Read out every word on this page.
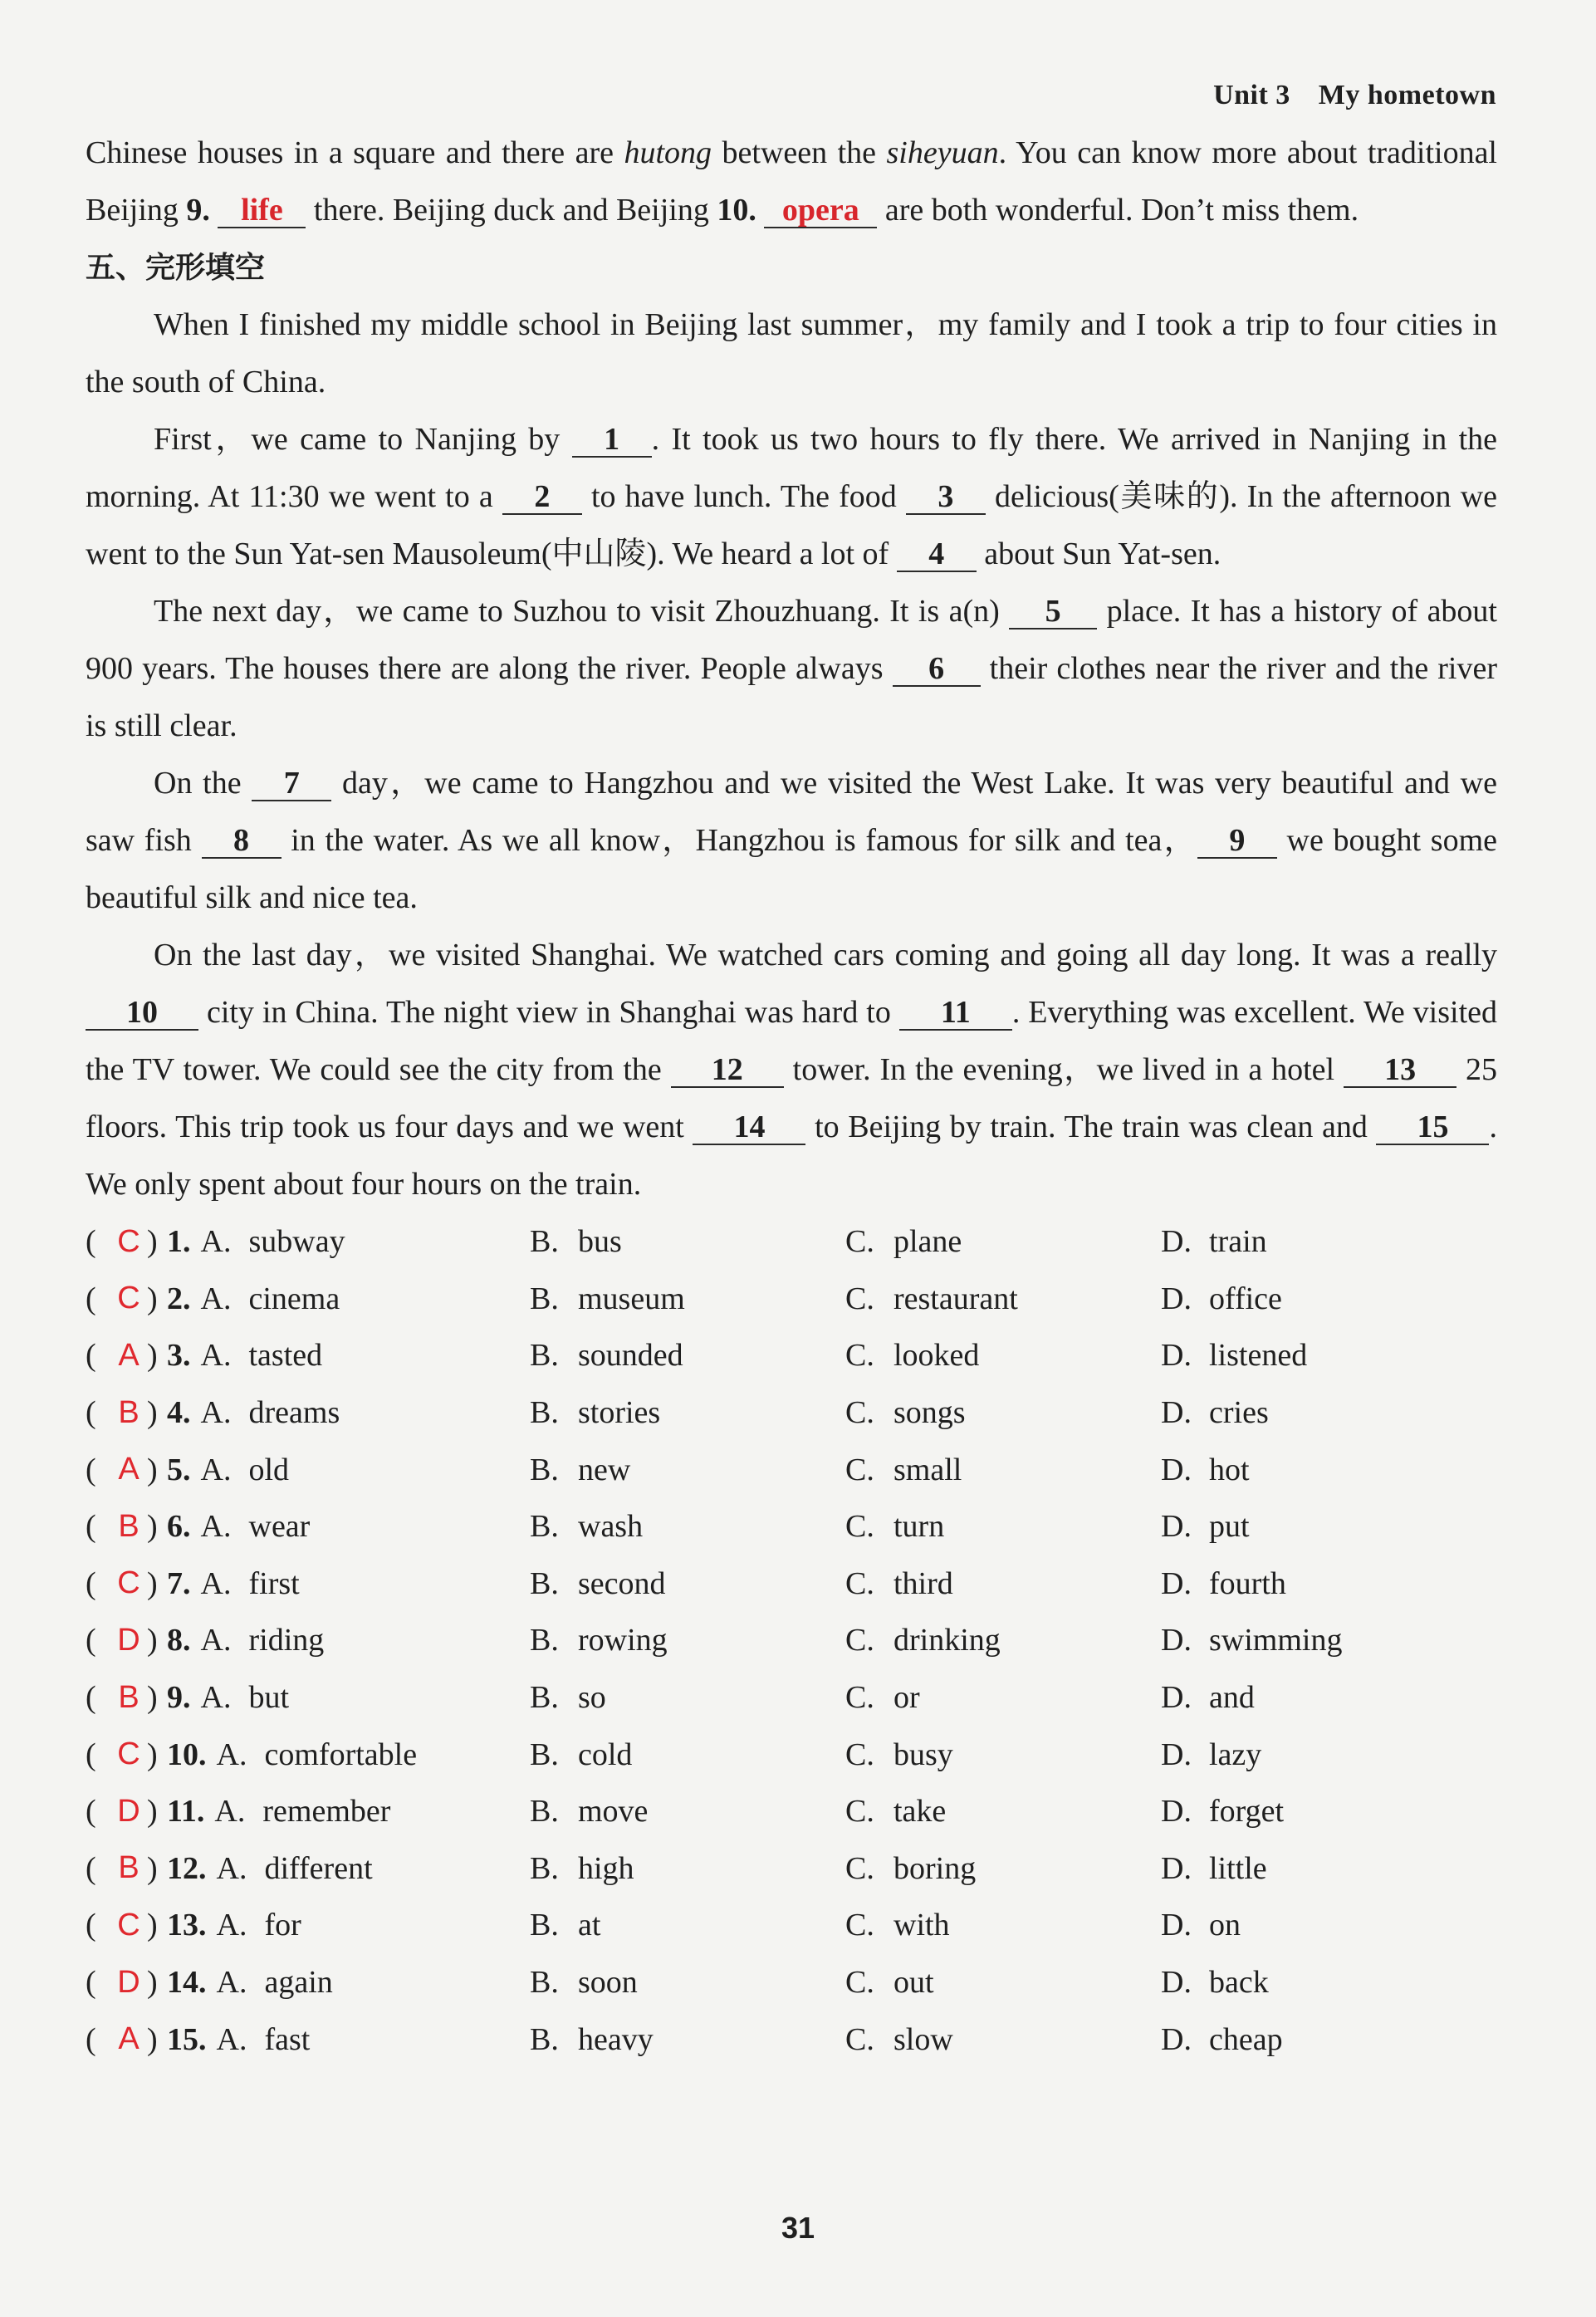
Unit 3 My hometown

Chinese houses in a square and there are hutong between the siheyuan. You can know more about traditional Beijing 9. life there. Beijing duck and Beijing 10. opera are both wonderful. Don’t miss them.

五、完形填空

When I finished my middle school in Beijing last summer，my family and I took a trip to four cities in the south of China.

First，we came to Nanjing by 1 . It took us two hours to fly there. We arrived in Nanjing in the morning. At 11:30 we went to a 2 to have lunch. The food 3 delicious(美味的). In the afternoon we went to the Sun Yat-sen Mausoleum(中山陵). We heard a lot of 4 about Sun Yat-sen.

The next day，we came to Suzhou to visit Zhouzhuang. It is a(n) 5 place. It has a history of about 900 years. The houses there are along the river. People always 6 their clothes near the river and the river is still clear.

On the 7 day，we came to Hangzhou and we visited the West Lake. It was very beautiful and we saw fish 8 in the water. As we all know，Hangzhou is famous for silk and tea， 9 we bought some beautiful silk and nice tea.

On the last day，we visited Shanghai. We watched cars coming and going all day long. It was a really 10 city in China. The night view in Shanghai was hard to 11 . Everything was excellent. We visited the TV tower. We could see the city from the 12 tower. In the evening，we lived in a hotel 13 25 floors. This trip took us four days and we went 14 to Beijing by train. The train was clean and 15 . We only spent about four hours on the train.

( C ) 1. A. subway	B. bus	C. plane	D. train
( C ) 2. A. cinema	B. museum	C. restaurant	D. office
( A ) 3. A. tasted	B. sounded	C. looked	D. listened
( B ) 4. A. dreams	B. stories	C. songs	D. cries
( A ) 5. A. old	B. new	C. small	D. hot
( B ) 6. A. wear	B. wash	C. turn	D. put
( C ) 7. A. first	B. second	C. third	D. fourth
( D ) 8. A. riding	B. rowing	C. drinking	D. swimming
( B ) 9. A. but	B. so	C. or	D. and
( C ) 10. A. comfortable	B. cold	C. busy	D. lazy
( D ) 11. A. remember	B. move	C. take	D. forget
( B ) 12. A. different	B. high	C. boring	D. little
( C ) 13. A. for	B. at	C. with	D. on
( D ) 14. A. again	B. soon	C. out	D. back
( A ) 15. A. fast	B. heavy	C. slow	D. cheap
31
